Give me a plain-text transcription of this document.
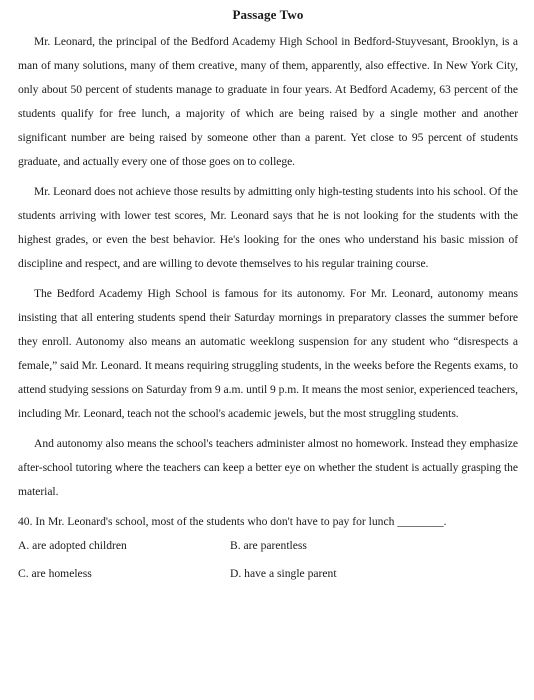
Passage Two

Mr. Leonard, the principal of the Bedford Academy High School in Bedford-Stuyvesant, Brooklyn, is a man of many solutions, many of them creative, many of them, apparently, also effective. In New York City, only about 50 percent of students manage to graduate in four years. At Bedford Academy, 63 percent of the students qualify for free lunch, a majority of which are being raised by a single mother and another significant number are being raised by someone other than a parent. Yet close to 95 percent of students graduate, and actually every one of those goes on to college.

Mr. Leonard does not achieve those results by admitting only high-testing students into his school. Of the students arriving with lower test scores, Mr. Leonard says that he is not looking for the students with the highest grades, or even the best behavior. He's looking for the ones who understand his basic mission of discipline and respect, and are willing to devote themselves to his regular training course.

The Bedford Academy High School is famous for its autonomy. For Mr. Leonard, autonomy means insisting that all entering students spend their Saturday mornings in preparatory classes the summer before they enroll. Autonomy also means an automatic weeklong suspension for any student who “disrespects a female,” said Mr. Leonard. It means requiring struggling students, in the weeks before the Regents exams, to attend studying sessions on Saturday from 9 a.m. until 9 p.m. It means the most senior, experienced teachers, including Mr. Leonard, teach not the school's academic jewels, but the most struggling students.

And autonomy also means the school's teachers administer almost no homework. Instead they emphasize after-school tutoring where the teachers can keep a better eye on whether the student is actually grasping the material.

40. In Mr. Leonard's school, most of the students who don't have to pay for lunch ________.
A. are adopted children	B. are parentless
C. are homeless	D. have a single parent
